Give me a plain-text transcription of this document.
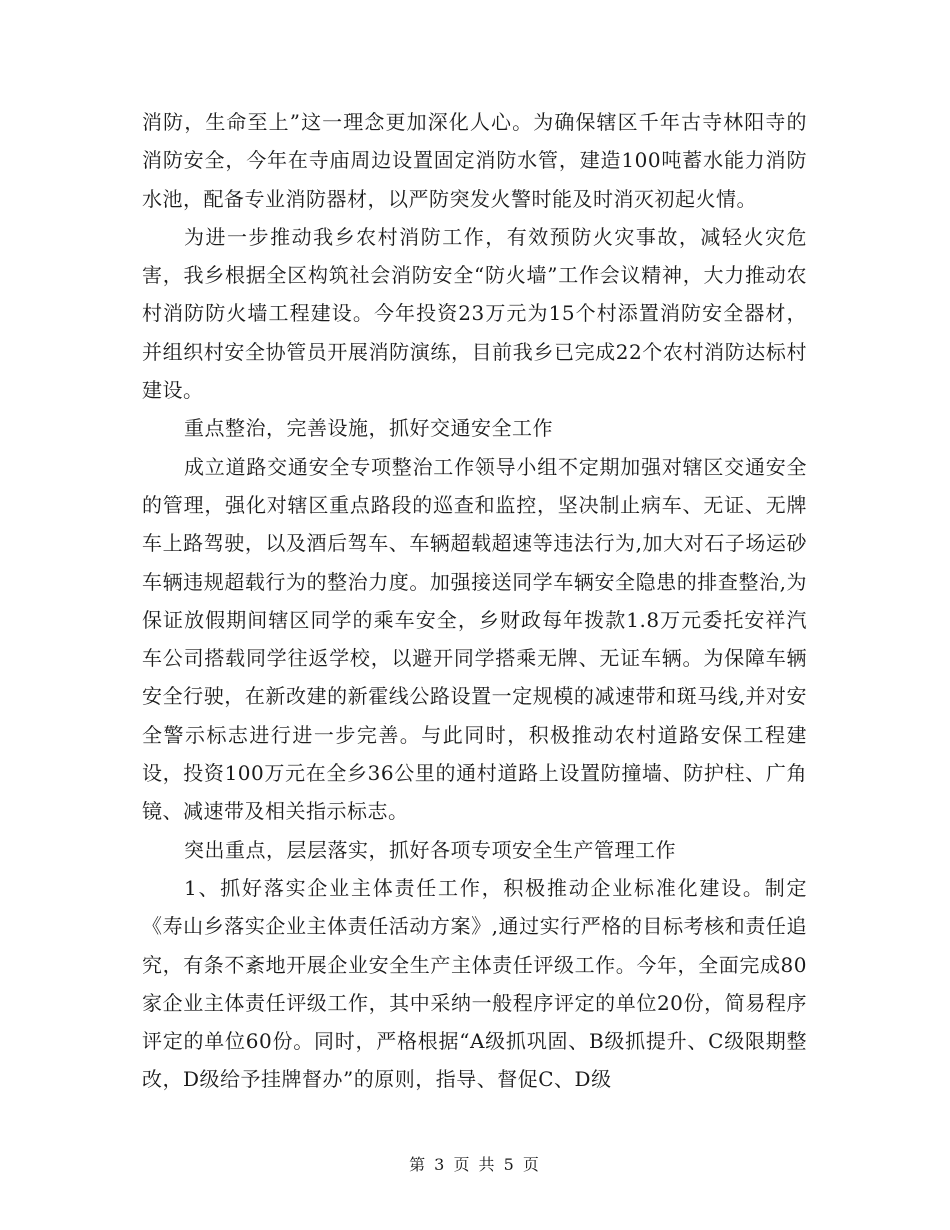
消防，生命至上”这一理念更加深化人心。为确保辖区千年古寺林阳寺的消防安全，今年在寺庙周边设置固定消防水管，建造100吨蓄水能力消防水池，配备专业消防器材，以严防突发火警时能及时消灭初起火情。

为进一步推动我乡农村消防工作，有效预防火灾事故，减轻火灾危害，我乡根据全区构筑社会消防安全“防火墙”工作会议精神，大力推动农村消防防火墙工程建设。今年投资23万元为15个村添置消防安全器材，并组织村安全协管员开展消防演练，目前我乡已完成22个农村消防达标村建设。

重点整治，完善设施，抓好交通安全工作

成立道路交通安全专项整治工作领导小组不定期加强对辖区交通安全的管理，强化对辖区重点路段的巡查和监控，坚决制止病车、无证、无牌车上路驾驶，以及酒后驾车、车辆超载超速等违法行为,加大对石子场运砂车辆违规超载行为的整治力度。加强接送同学车辆安全隐患的排查整治,为保证放假期间辖区同学的乘车安全，乡财政每年拨款1.8万元委托安祥汽车公司搭载同学往返学校，以避开同学搭乘无牌、无证车辆。为保障车辆安全行驶，在新改建的新霍线公路设置一定规模的减速带和斑马线,并对安全警示标志进行进一步完善。与此同时，积极推动农村道路安保工程建设，投资100万元在全乡36公里的通村道路上设置防撞墙、防护柱、广角镜、减速带及相关指示标志。

突出重点，层层落实，抓好各项专项安全生产管理工作

1、抓好落实企业主体责任工作，积极推动企业标准化建设。制定《寿山乡落实企业主体责任活动方案》,通过实行严格的目标考核和责任追究，有条不紊地开展企业安全生产主体责任评级工作。今年，全面完成80家企业主体责任评级工作，其中采纳一般程序评定的单位20份，简易程序评定的单位60份。同时，严格根据“A级抓巩固、B级抓提升、C级限期整改，D级给予挂牌督办”的原则，指导、督促C、D级

第 3 页 共 5 页
